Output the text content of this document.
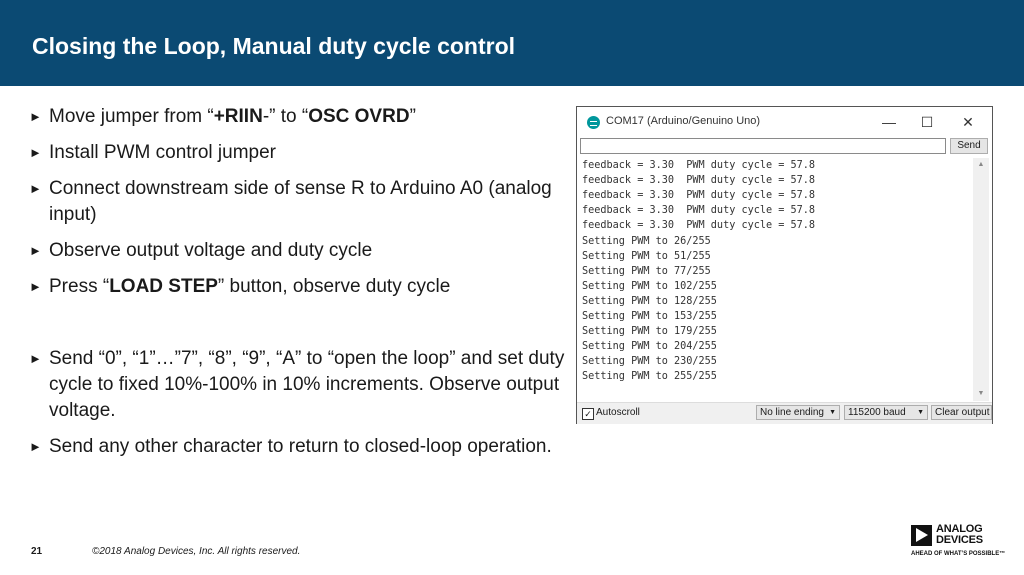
Closing the Loop, Manual duty cycle control
► Move jumper from “+RIIN-” to “OSC OVRD”
► Install PWM control jumper
► Connect downstream side of sense R to Arduino A0 (analog input)
► Observe output voltage and duty cycle
► Press “LOAD STEP” button, observe duty cycle
► Send “0”, “1”…”7”, “8”, “9”, “A” to “open the loop” and set duty cycle to fixed 10%-100% in 10% increments. Observe output voltage.
► Send any other character to return to closed-loop operation.
COM17 (Arduino/Genuino Uno)	—	☐	✕
Send
feedback = 3.30  PWM duty cycle = 57.8
feedback = 3.30  PWM duty cycle = 57.8
feedback = 3.30  PWM duty cycle = 57.8
feedback = 3.30  PWM duty cycle = 57.8
feedback = 3.30  PWM duty cycle = 57.8
Setting PWM to 26/255
Setting PWM to 51/255
Setting PWM to 77/255
Setting PWM to 102/255
Setting PWM to 128/255
Setting PWM to 153/255
Setting PWM to 179/255
Setting PWM to 204/255
Setting PWM to 230/255
Setting PWM to 255/255
▲
▼
✓ Autoscroll	No line ending ▼	115200 baud ▼	Clear output
21	©2018 Analog Devices, Inc. All rights reserved.
ANALOG
DEVICES
AHEAD OF WHAT’S POSSIBLE™
